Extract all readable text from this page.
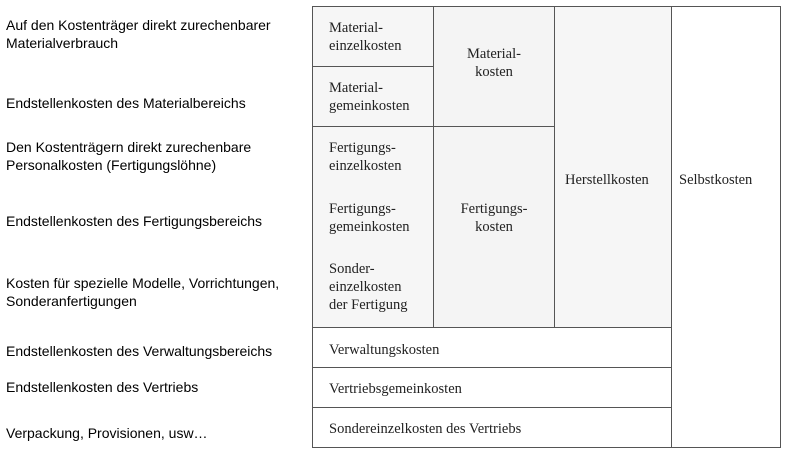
Auf den Kostenträger direkt zurechenbarer Materialverbrauch
Endstellenkosten des Materialbereichs
Den Kostenträgern direkt zurechenbare Personalkosten (Fertigungslöhne)
Endstellenkosten des Fertigungsbereichs
Kosten für spezielle Modelle, Vorrichtungen, Sonderanfertigungen
Endstellenkosten des Verwaltungsbereichs
Endstellenkosten des Vertriebs
Verpackung, Provisionen, usw…
Selbstkosten
Herstellkosten
Material-
kosten
Fertigungs-
kosten
Material-
einzelkosten
Material-
gemeinkosten
Fertigungs-
einzelkosten
Fertigungs-
gemeinkosten
Sonder-
einzelkosten
der Fertigung
Verwaltungskosten
Vertriebsgemeinkosten
Sondereinzelkosten des Vertriebs
